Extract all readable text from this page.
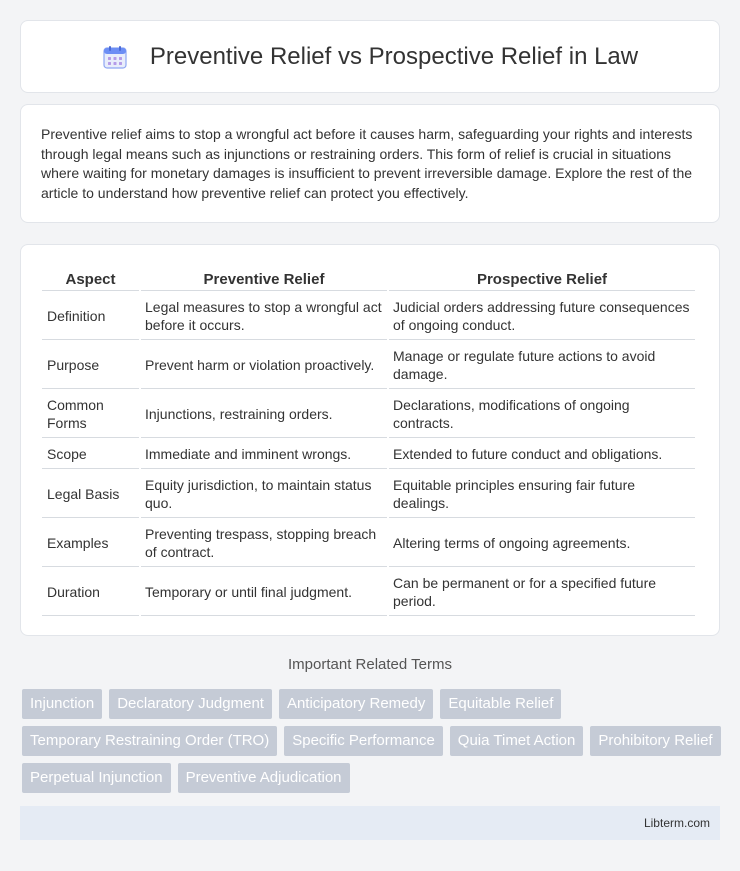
Preventive Relief vs Prospective Relief in Law

Preventive relief aims to stop a wrongful act before it causes harm, safeguarding your rights and interests through legal means such as injunctions or restraining orders. This form of relief is crucial in situations where waiting for monetary damages is insufficient to prevent irreversible damage. Explore the rest of the article to understand how preventive relief can protect you effectively.

Aspect	Preventive Relief	Prospective Relief
Definition	Legal measures to stop a wrongful act before it occurs.	Judicial orders addressing future consequences of ongoing conduct.
Purpose	Prevent harm or violation proactively.	Manage or regulate future actions to avoid damage.
Common Forms	Injunctions, restraining orders.	Declarations, modifications of ongoing contracts.
Scope	Immediate and imminent wrongs.	Extended to future conduct and obligations.
Legal Basis	Equity jurisdiction, to maintain status quo.	Equitable principles ensuring fair future dealings.
Examples	Preventing trespass, stopping breach of contract.	Altering terms of ongoing agreements.
Duration	Temporary or until final judgment.	Can be permanent or for a specified future period.
Important Related Terms
Injunction	Declaratory Judgment	Anticipatory Remedy	Equitable Relief
Temporary Restraining Order (TRO)	Specific Performance	Quia Timet Action	Prohibitory Relief
Perpetual Injunction	Preventive Adjudication
Libterm.com
